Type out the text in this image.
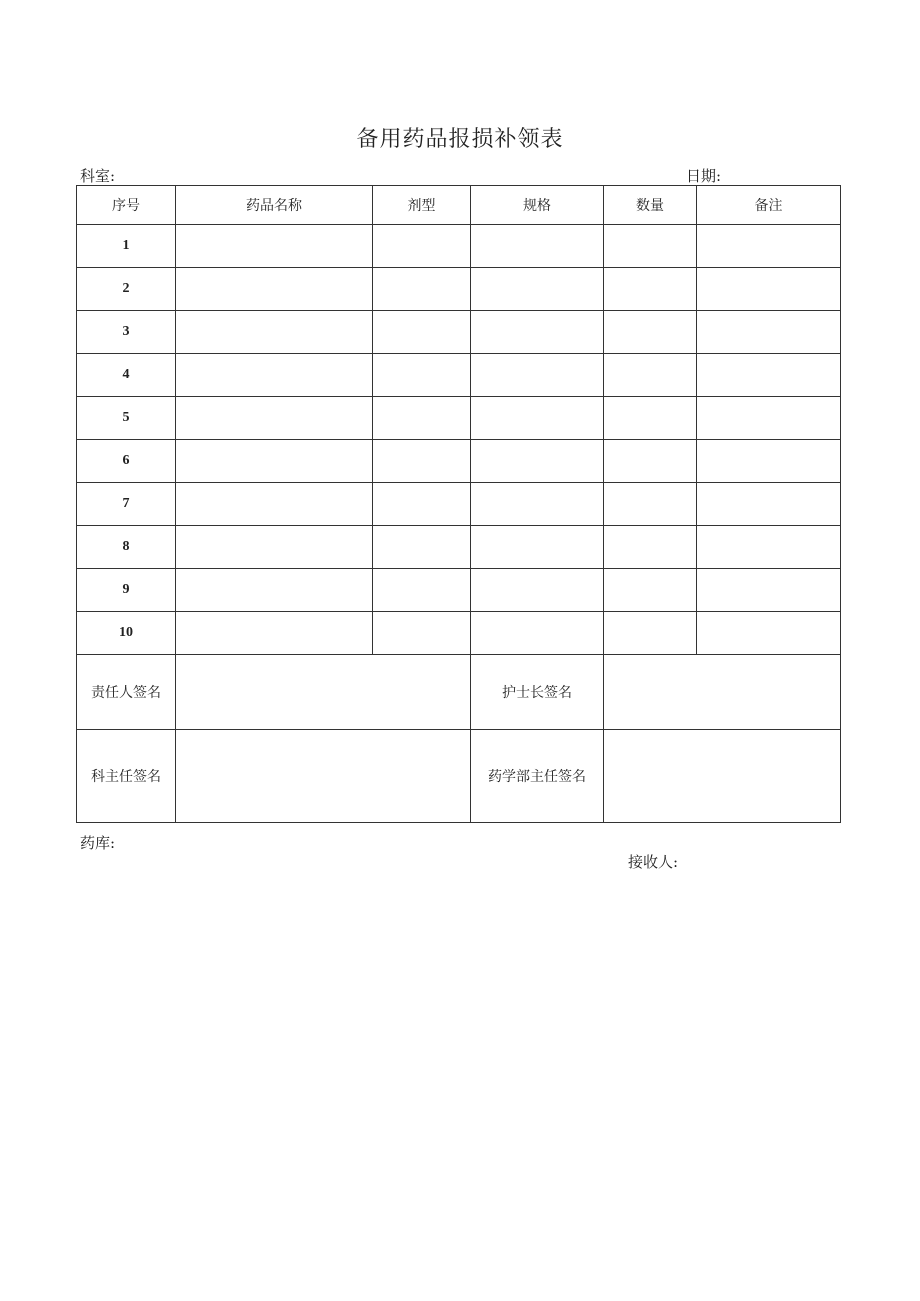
备用药品报损补领表
科室:	日期:
序号	药品名称	剂型	规格	数量	备注
1					
2					
3					
4					
5					
6					
7					
8					
9					
10					
责任人签名			护士长签名		
科主任签名			药学部主任签名		
药库:
接收人:
